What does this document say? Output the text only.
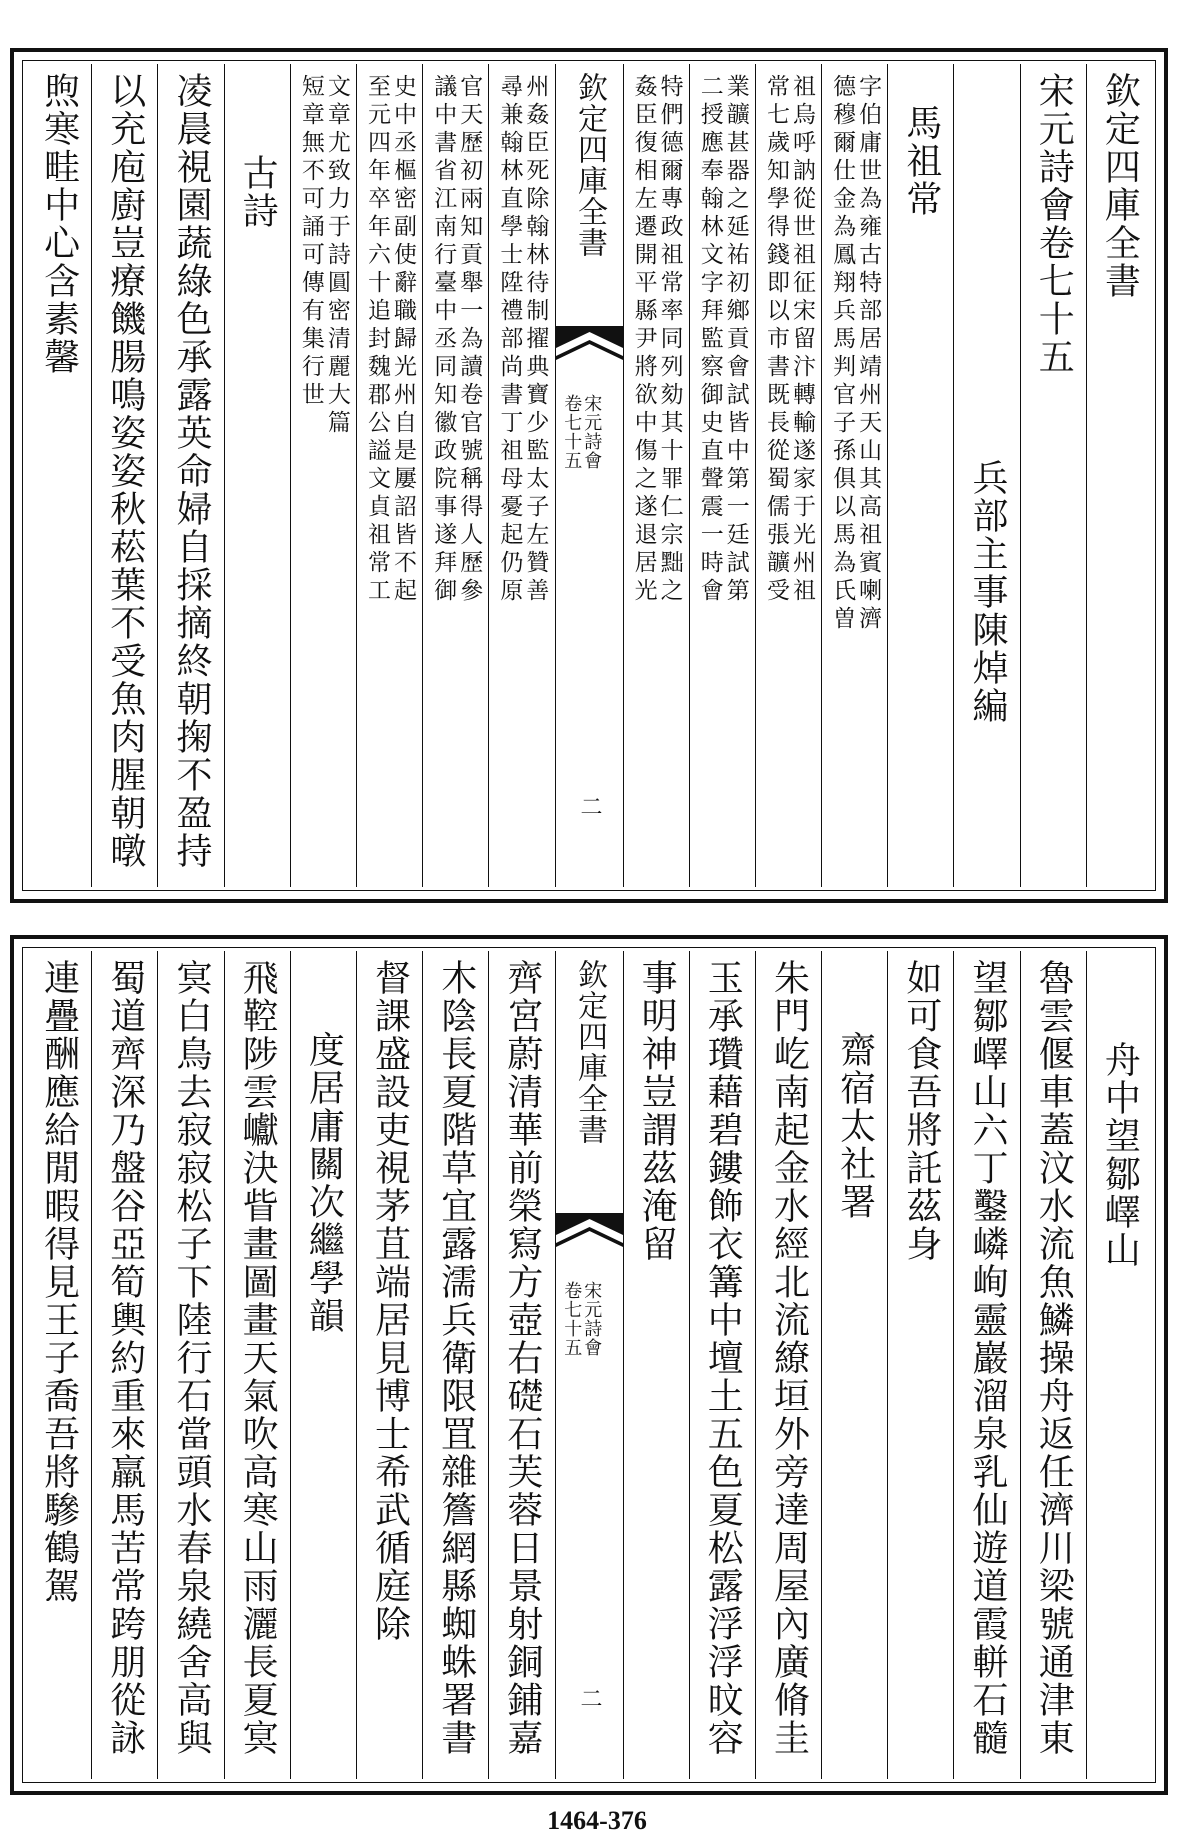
欽定四庫全書
宋元詩會卷七十五
兵部主事陳焯編
馬祖常
字伯庸世為雍古特部居靖州天山其高祖賓喇濟
德穆爾仕金為鳳翔兵馬判官子孫俱以馬為氏曽
祖烏呼訥從世祖征宋留汴轉輸遂家于光州祖
常七歲知學得錢即以市書既長從蜀儒張𩑈受
業𩑈甚器之延祐初鄉貢會試皆中第一廷試第
二授應奉翰林文字拜監察御史直聲震一時會
特們德爾專政祖常率同列劾其十罪仁宗黜之
姦臣復相左遷開平縣尹將欲中傷之遂退居光
欽定四庫全書
宋元詩會
卷七十五
二
州姦臣死除翰林待制擢典寶少監太子左贊善
尋兼翰林直學士陞禮部尚書丁祖母憂起仍原
官天歷初兩知貢舉一為讀卷官號稱得人歷參
議中書省江南行臺中丞同知徽政院事遂拜御
史中丞樞密副使辭職歸光州自是屢詔皆不起
至元四年卒年六十追封魏郡公謚文貞祖常工
文章尤致力于詩圓密清麗大篇
短章無不可誦可傳有集行世
古詩
凌晨視園蔬綠色承露英命婦自採摘終朝掬不盈持
以充庖廚豈療饑腸鳴姿姿秋菘葉不受魚肉腥朝暾
煦寒畦中心含素馨
舟中望鄒嶧山
魯雲偃車蓋汶水流魚鱗操舟返任濟川梁號通津東
望鄒嶧山六丁鑿嶙峋靈巖溜泉乳仙遊道霞軿石髓
如可食吾將託茲身
齋宿太社署
朱門屹南起金水經北流繚垣外旁達周屋內廣脩圭
玉承瓚藉碧鏤飾衣篝中壇土五色夏松露浮浮旼容
事明神豈謂茲淹留
欽定四庫全書
宋元詩會
卷七十五
二
齊宮蔚清華前榮寫方壺右礎石芙蓉日景射銅鋪嘉
木陰長夏階草宜露濡兵衛限罝雜簷網縣蜘蛛署書
督課盛設吏視茅苴端居見博士希武循庭除
度居庸關次繼學韻
飛鞚陟雲巘決眥畫圖畫天氣吹高寒山雨灑長夏㝠
㝠白鳥去寂寂松子下陸行石當頭水春泉繞舍高與
蜀道齊深乃盤谷亞筍輿約重來羸馬苦常跨朋從詠
連疊酬應給閒暇得見王子喬吾將驂鶴駕
1464-376
